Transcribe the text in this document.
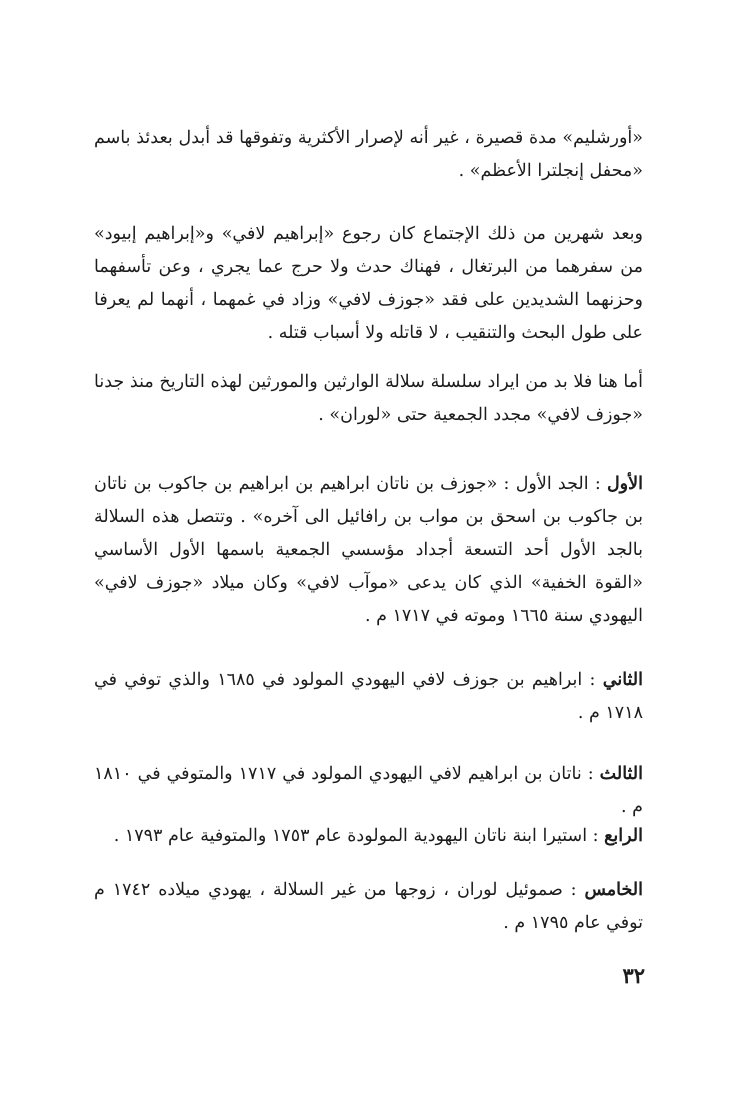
«أورشليم» مدة قصيرة ، غير أنه لإصرار الأكثرية وتفوقها قد أبدل بعدئذ باسم «محفل إنجلترا الأعظم» .

وبعد شهرين من ذلك الإجتماع كان رجوع «إبراهيم لافي» و«إبراهيم إبيود» من سفرهما من البرتغال ، فهناك حدث ولا حرج عما يجري ، وعن تأسفهما وحزنهما الشديدين على فقد «جوزف لافي» وزاد في غمهما ، أنهما لم يعرفا على طول البحث والتنقيب ، لا قاتله ولا أسباب قتله .

أما هنا فلا بد من ايراد سلسلة سلالة الوارثين والمورثين لهذه التاريخ منذ جدنا «جوزف لافي» مجدد الجمعية حتى «لوران» .

الأول : الجد الأول : «جوزف بن ناتان ابراهيم بن ابراهيم بن جاكوب بن ناتان بن جاكوب بن اسحق بن مواب بن رافائيل الى آخره» . وتتصل هذه السلالة بالجد الأول أحد التسعة أجداد مؤسسي الجمعية باسمها الأول الأساسي «القوة الخفية» الذي كان يدعى «موآب لافي» وكان ميلاد «جوزف لافي» اليهودي سنة ١٦٦٥ وموته في ١٧١٧ م .

الثاني : ابراهيم بن جوزف لافي اليهودي المولود في ١٦٨٥ والذي توفي في ١٧١٨ م .

الثالث : ناتان بن ابراهيم لافي اليهودي المولود في ١٧١٧ والمتوفي في ١٨١٠ م .

الرابع : استيرا ابنة ناتان اليهودية المولودة عام ١٧٥٣ والمتوفية عام ١٧٩٣ .

الخامس : صموئيل لوران ، زوجها من غير السلالة ، يهودي ميلاده ١٧٤٢ م توفي عام ١٧٩٥ م .

٣٢
